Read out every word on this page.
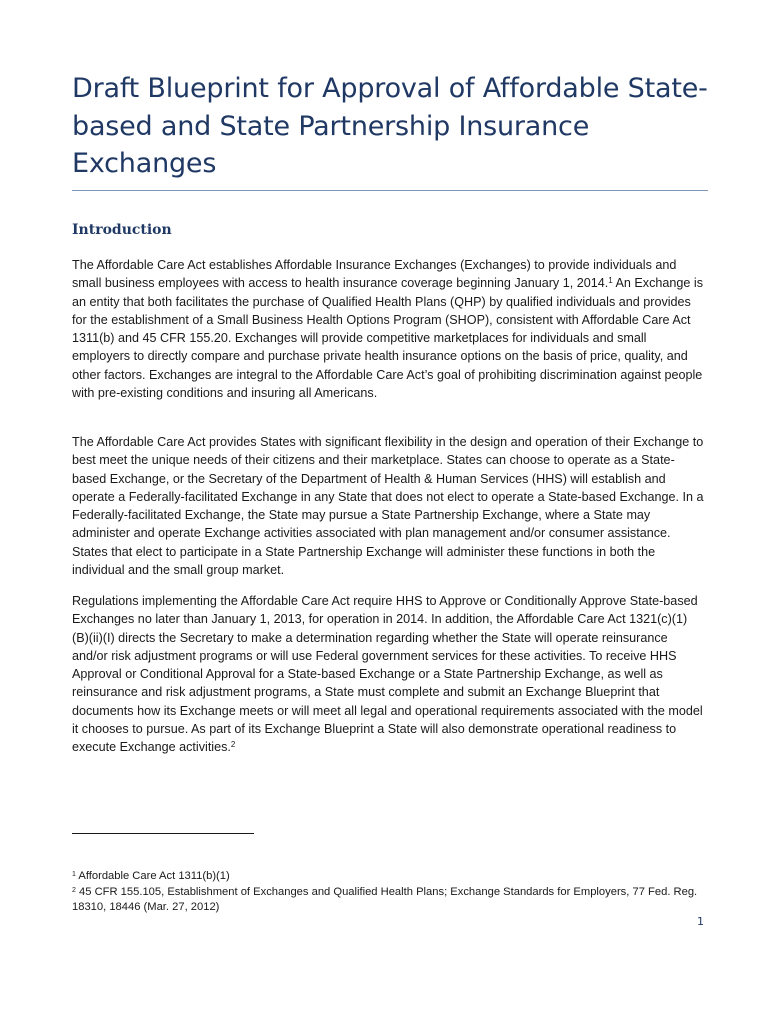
Draft Blueprint for Approval of Affordable State-based and State Partnership Insurance Exchanges
Introduction

The Affordable Care Act establishes Affordable Insurance Exchanges (Exchanges) to provide individuals and small business employees with access to health insurance coverage beginning January 1, 2014.$^1$ An Exchange is an entity that both facilitates the purchase of Qualified Health Plans (QHP) by qualified individuals and provides for the establishment of a Small Business Health Options Program (SHOP), consistent with Affordable Care Act 1311(b) and 45 CFR 155.20. Exchanges will provide competitive marketplaces for individuals and small employers to directly compare and purchase private health insurance options on the basis of price, quality, and other factors. Exchanges are integral to the Affordable Care Act’s goal of prohibiting discrimination against people with pre-existing conditions and insuring all Americans.

The Affordable Care Act provides States with significant flexibility in the design and operation of their Exchange to best meet the unique needs of their citizens and their marketplace. States can choose to operate as a State-based Exchange, or the Secretary of the Department of Health & Human Services (HHS) will establish and operate a Federally-facilitated Exchange in any State that does not elect to operate a State-based Exchange. In a Federally-facilitated Exchange, the State may pursue a State Partnership Exchange, where a State may administer and operate Exchange activities associated with plan management and/or consumer assistance. States that elect to participate in a State Partnership Exchange will administer these functions in both the individual and the small group market.

Regulations implementing the Affordable Care Act require HHS to Approve or Conditionally Approve State-based Exchanges no later than January 1, 2013, for operation in 2014. In addition, the Affordable Care Act 1321(c)(1) (B)(ii)(I) directs the Secretary to make a determination regarding whether the State will operate reinsurance and/or risk adjustment programs or will use Federal government services for these activities. To receive HHS Approval or Conditional Approval for a State-based Exchange or a State Partnership Exchange, as well as reinsurance and risk adjustment programs, a State must complete and submit an Exchange Blueprint that documents how its Exchange meets or will meet all legal and operational requirements associated with the model it chooses to pursue. As part of its Exchange Blueprint a State will also demonstrate operational readiness to execute Exchange activities.$^2$

$^1$ Affordable Care Act 1311(b)(1)

$^2$ 45 CFR 155.105, Establishment of Exchanges and Qualified Health Plans; Exchange Standards for Employers, 77 Fed. Reg. 18310, 18446 (Mar. 27, 2012)

1
